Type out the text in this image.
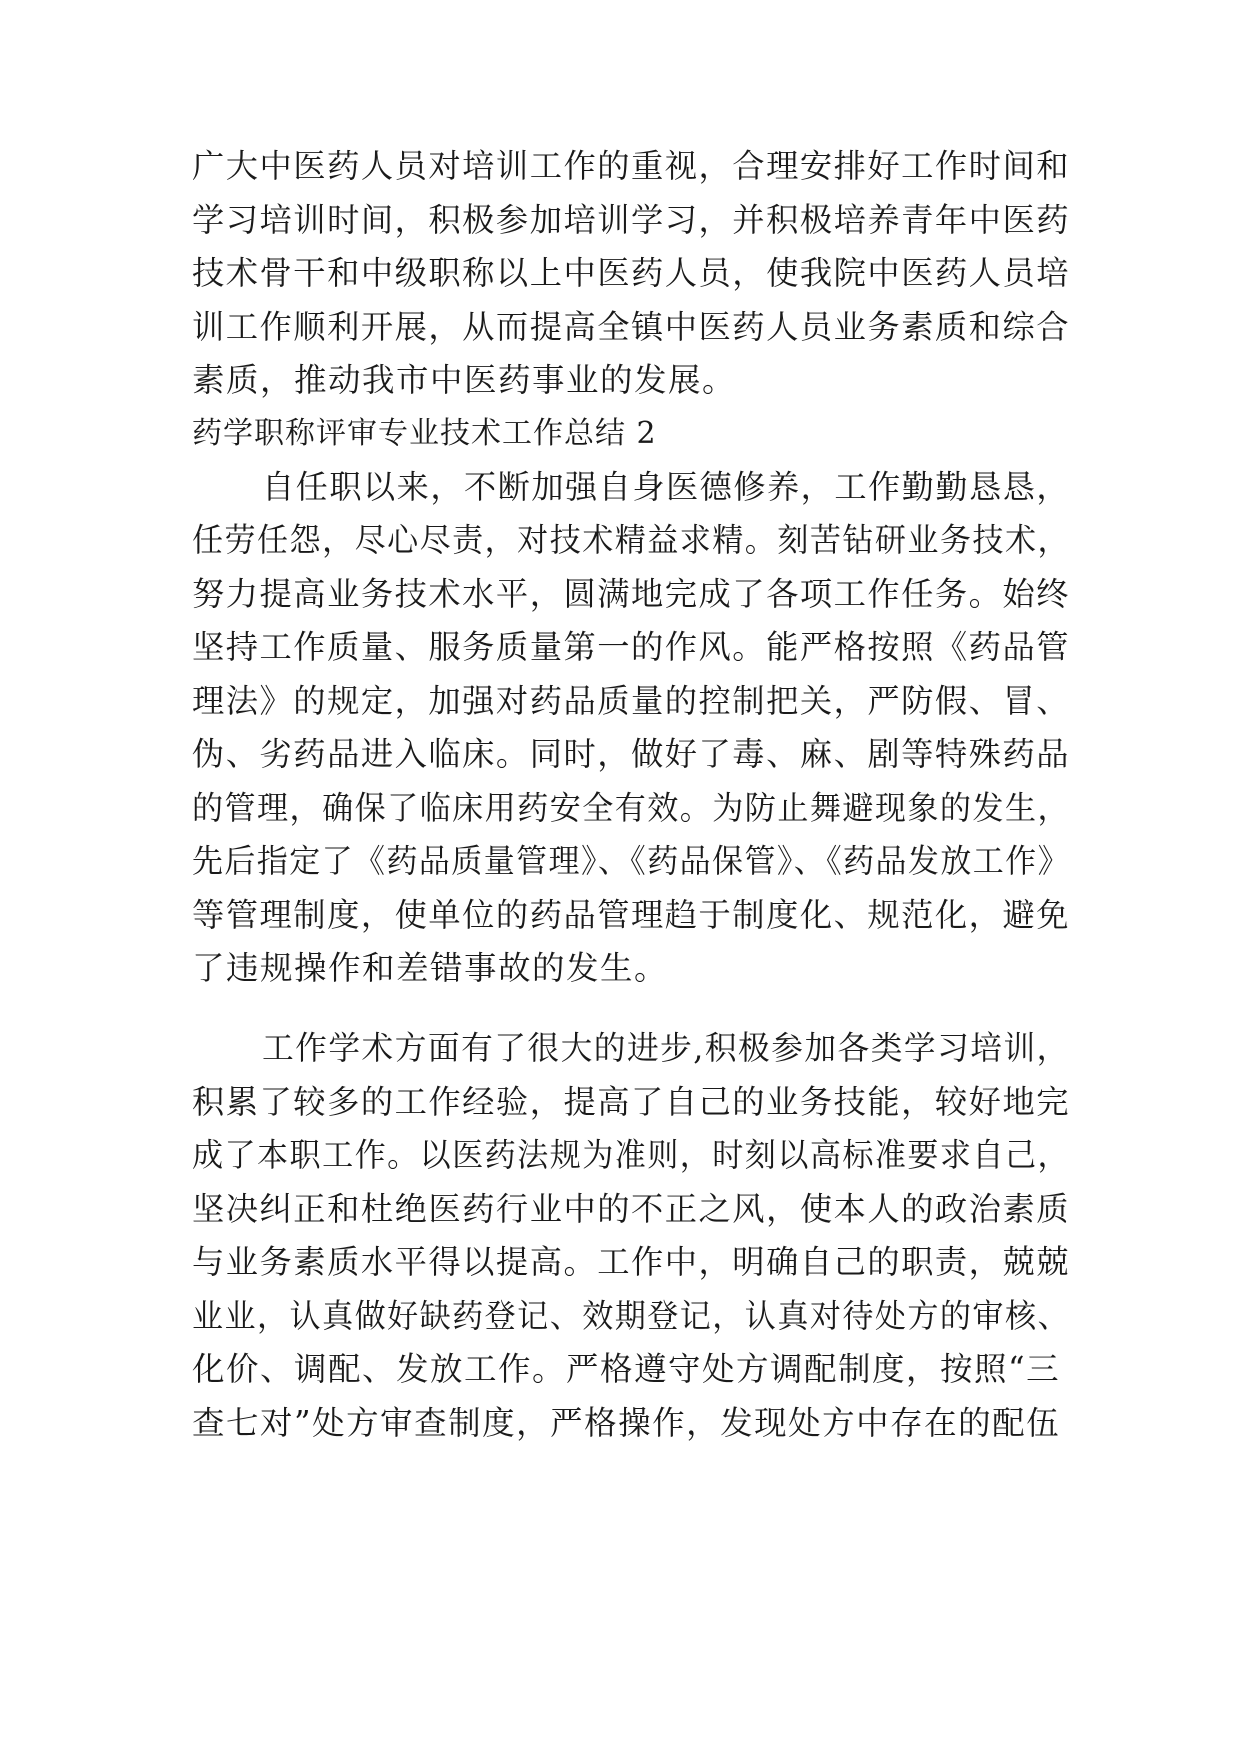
广大中医药人员对培训工作的重视，合理安排好工作时间和
学习培训时间，积极参加培训学习，并积极培养青年中医药
技术骨干和中级职称以上中医药人员，使我院中医药人员培
训工作顺利开展，从而提高全镇中医药人员业务素质和综合
素质，推动我市中医药事业的发展。
药学职称评审专业技术工作总结 2
自任职以来，不断加强自身医德修养，工作勤勤恳恳，
任劳任怨，尽心尽责，对技术精益求精。刻苦钻研业务技术，
努力提高业务技术水平，圆满地完成了各项工作任务。始终
坚持工作质量、服务质量第一的作风。能严格按照《药品管
理法》的规定，加强对药品质量的控制把关，严防假、冒、
伪、劣药品进入临床。同时，做好了毒、麻、剧等特殊药品
的管理，确保了临床用药安全有效。为防止舞避现象的发生，
先后指定了《药品质量管理》、《药品保管》、《药品发放工作》
等管理制度，使单位的药品管理趋于制度化、规范化，避免
了违规操作和差错事故的发生。
工作学术方面有了很大的进步,积极参加各类学习培训，
积累了较多的工作经验，提高了自己的业务技能，较好地完
成了本职工作。以医药法规为准则，时刻以高标准要求自己，
坚决纠正和杜绝医药行业中的不正之风，使本人的政治素质
与业务素质水平得以提高。工作中，明确自己的职责，兢兢
业业，认真做好缺药登记、效期登记，认真对待处方的审核、
化价、调配、发放工作。严格遵守处方调配制度，按照“三
查七对”处方审查制度，严格操作，发现处方中存在的配伍
